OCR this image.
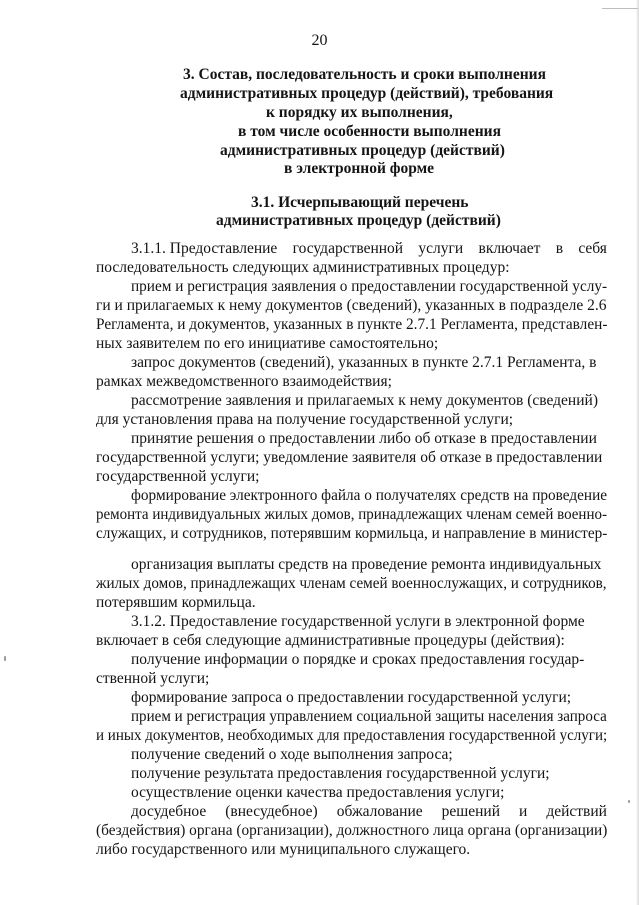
20
3. Состав, последовательность и сроки выполнения
административных процедур (действий), требования
к порядку их выполнения,
в том числе особенности выполнения
административных процедур (действий)
в электронной форме
3.1. Исчерпывающий перечень
административных процедур (действий)
3.1.1. Предоставление государственной услуги включает в себя
последовательность следующих административных процедур:
прием и регистрация заявления о предоставлении государственной услу-
ги и прилагаемых к нему документов (сведений), указанных в подразделе 2.6
Регламента, и документов, указанных в пункте 2.7.1 Регламента, представлен-
ных заявителем по его инициативе самостоятельно;
запрос документов (сведений), указанных в пункте 2.7.1 Регламента, в
рамках межведомственного взаимодействия;
рассмотрение заявления и прилагаемых к нему документов (сведений)
для установления права на получение государственной услуги;
принятие решения о предоставлении либо об отказе в предоставлении
государственной услуги; уведомление заявителя об отказе в предоставлении
государственной услуги;
формирование электронного файла о получателях средств на проведение
ремонта индивидуальных жилых домов, принадлежащих членам семей военно-
служащих, и сотрудников, потерявшим кормильца, и направление в министер-
организация выплаты средств на проведение ремонта индивидуальных
жилых домов, принадлежащих членам семей военнослужащих, и сотрудников,
потерявшим кормильца.
3.1.2. Предоставление государственной услуги в электронной форме
включает в себя следующие административные процедуры (действия):
получение информации о порядке и сроках предоставления государ-
ственной услуги;
формирование запроса о предоставлении государственной услуги;
прием и регистрация управлением социальной защиты населения запроса
и иных документов, необходимых для предоставления государственной услуги;
получение сведений о ходе выполнения запроса;
получение результата предоставления государственной услуги;
осуществление оценки качества предоставления услуги;
досудебное (внесудебное) обжалование решений и действий
(бездействия) органа (организации), должностного лица органа (организации)
либо государственного или муниципального служащего.
